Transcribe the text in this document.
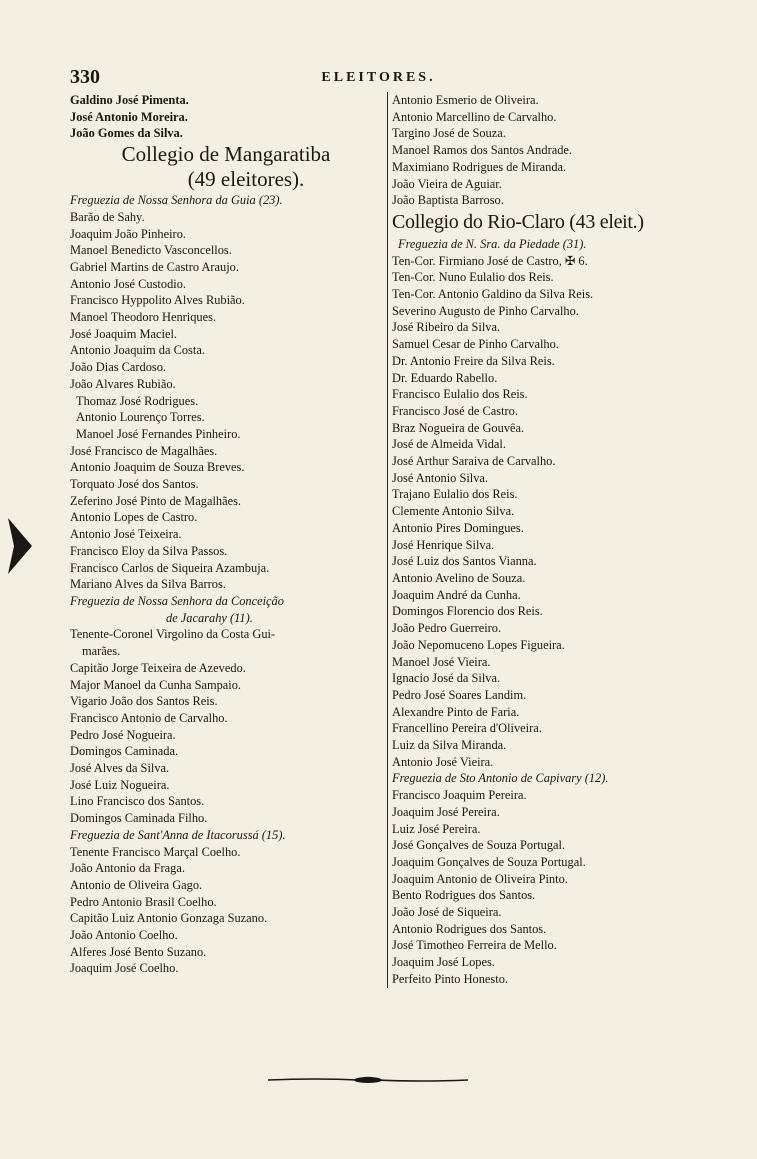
330	ELEITORES.
Galdino José Pimenta.
José Antonio Moreira.
João Gomes da Silva.
Collegio de Mangaratiba
(49 eleitores).
Freguezia de Nossa Senhora da Guia (23).
Barão de Sahy.
Joaquim João Pinheiro.
Manoel Benedicto Vasconcellos.
Gabriel Martins de Castro Araujo.
Antonio José Custodio.
Francisco Hyppolito Alves Rubião.
Manoel Theodoro Henriques.
José Joaquim Maciel.
Antonio Joaquim da Costa.
João Dias Cardoso.
João Alvares Rubião.
Thomaz José Rodrigues.
Antonio Lourenço Torres.
Manoel José Fernandes Pinheiro.
José Francisco de Magalhães.
Antonio Joaquim de Souza Breves.
Torquato José dos Santos.
Zeferino José Pinto de Magalhães.
Antonio Lopes de Castro.
Antonio José Teixeira.
Francisco Eloy da Silva Passos.
Francisco Carlos de Siqueira Azambuja.
Mariano Alves da Silva Barros.
Freguezia de Nossa Senhora da Conceição
de Jacarahy (11).
Tenente-Coronel Virgolino da Costa Gui-
marães.
Capitão Jorge Teixeira de Azevedo.
Major Manoel da Cunha Sampaio.
Vigario João dos Santos Reis.
Francisco Antonio de Carvalho.
Pedro José Nogueira.
Domingos Caminada.
José Alves da Silva.
José Luiz Nogueira.
Lino Francisco dos Santos.
Domingos Caminada Filho.
Freguezia de Sant'Anna de Itacorussá (15).
Tenente Francisco Marçal Coelho.
João Antonio da Fraga.
Antonio de Oliveira Gago.
Pedro Antonio Brasil Coelho.
Capitão Luiz Antonio Gonzaga Suzano.
João Antonio Coelho.
Alferes José Bento Suzano.
Joaquim José Coelho.
Antonio Esmerio de Oliveira.
Antonio Marcellino de Carvalho.
Targino José de Souza.
Manoel Ramos dos Santos Andrade.
Maximiano Rodrigues de Miranda.
João Vieira de Aguiar.
João Baptista Barroso.
Collegio do Rio-Claro (43 eleit.)
Freguezia de N. Sra. da Piedade (31).
Ten-Cor. Firmiano José de Castro, ✠ 6.
Ten-Cor. Nuno Eulalio dos Reis.
Ten-Cor. Antonio Galdino da Silva Reis.
Severino Augusto de Pinho Carvalho.
José Ribeiro da Silva.
Samuel Cesar de Pinho Carvalho.
Dr. Antonio Freire da Silva Reis.
Dr. Eduardo Rabello.
Francisco Eulalio dos Reis.
Francisco José de Castro.
Braz Nogueira de Gouvêa.
José de Almeida Vidal.
José Arthur Saraiva de Carvalho.
José Antonio Silva.
Trajano Eulalio dos Reis.
Clemente Antonio Silva.
Antonio Pires Domingues.
José Henrique Silva.
José Luiz dos Santos Vianna.
Antonio Avelino de Souza.
Joaquim André da Cunha.
Domingos Florencio dos Reis.
João Pedro Guerreiro.
João Nepomuceno Lopes Figueira.
Manoel José Vieira.
Ignacio José da Silva.
Pedro José Soares Landim.
Alexandre Pinto de Faria.
Francellino Pereira d'Oliveira.
Luiz da Silva Miranda.
Antonio José Vieira.
Freguezia de Sto Antonio de Capivary (12).
Francisco Joaquim Pereira.
Joaquim José Pereira.
Luiz José Pereira.
José Gonçalves de Souza Portugal.
Joaquim Gonçalves de Souza Portugal.
Joaquim Antonio de Oliveira Pinto.
Bento Rodrigues dos Santos.
João José de Siqueira.
Antonio Rodrigues dos Santos.
José Timotheo Ferreira de Mello.
Joaquim José Lopes.
Perfeito Pinto Honesto.
